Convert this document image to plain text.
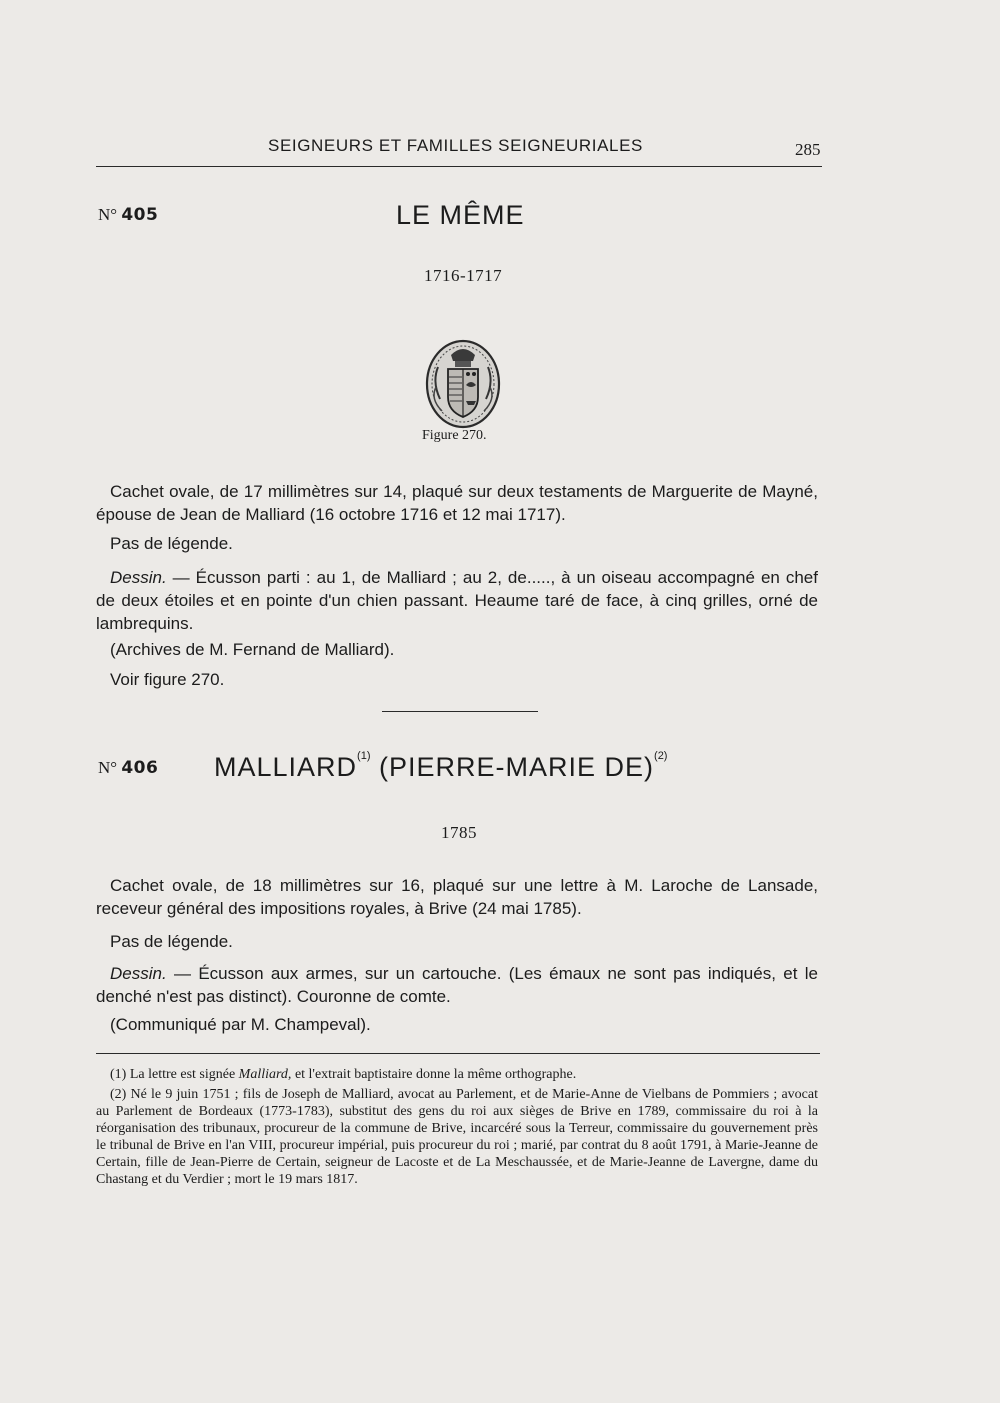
SEIGNEURS ET FAMILLES SEIGNEURIALES	285
N° 405	LE MÊME
1716-1717
Figure 270.
Cachet ovale, de 17 millimètres sur 14, plaqué sur deux testaments de Marguerite de Mayné, épouse de Jean de Malliard (16 octobre 1716 et 12 mai 1717).
Pas de légende.
Dessin. — Écusson parti : au 1, de Malliard ; au 2, de....., à un oiseau accompagné en chef de deux étoiles et en pointe d'un chien passant. Heaume taré de face, à cinq grilles, orné de lambrequins.
(Archives de M. Fernand de Malliard).
Voir figure 270.
N° 406 MALLIARD$^{(1)}$ (PIERRE-MARIE DE)$^{(2)}$
1785
Cachet ovale, de 18 millimètres sur 16, plaqué sur une lettre à M. Laroche de Lansade, receveur général des impositions royales, à Brive (24 mai 1785).
Pas de légende.
Dessin. — Écusson aux armes, sur un cartouche. (Les émaux ne sont pas indiqués, et le denché n'est pas distinct). Couronne de comte.
(Communiqué par M. Champeval).
(1) La lettre est signée Malliard, et l'extrait baptistaire donne la même orthographe.
(2) Né le 9 juin 1751 ; fils de Joseph de Malliard, avocat au Parlement, et de Marie-Anne de Vielbans de Pommiers ; avocat au Parlement de Bordeaux (1773-1783), substitut des gens du roi aux sièges de Brive en 1789, commissaire du roi à la réorganisation des tribunaux, procureur de la commune de Brive, incarcéré sous la Terreur, commissaire du gouvernement près le tribunal de Brive en l'an VIII, procureur impérial, puis procureur du roi ; marié, par contrat du 8 août 1791, à Marie-Jeanne de Certain, fille de Jean-Pierre de Certain, seigneur de Lacoste et de La Meschaussée, et de Marie-Jeanne de Lavergne, dame du Chastang et du Verdier ; mort le 19 mars 1817.
